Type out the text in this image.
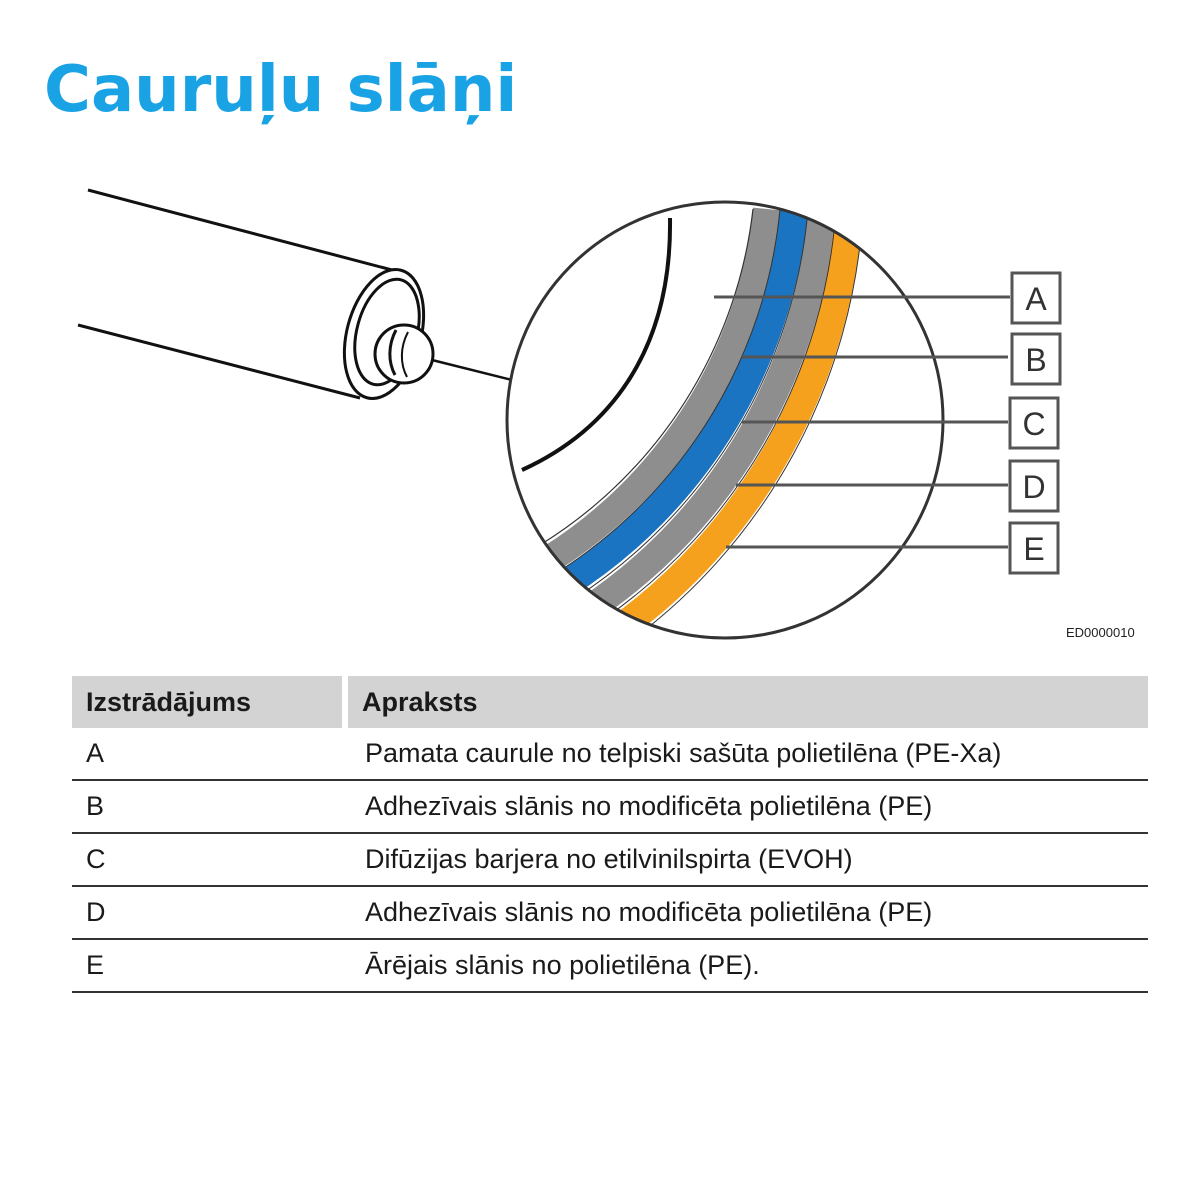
Cauruļu slāņi
A
B
C
D
E
ED0000010
Izstrādājums	Apraksts
A	Pamata caurule no telpiski sašūta polietilēna (PE-Xa)
B	Adhezīvais slānis no modificēta polietilēna (PE)
C	Difūzijas barjera no etilvinilspirta (EVOH)
D	Adhezīvais slānis no modificēta polietilēna (PE)
E	Ārējais slānis no polietilēna (PE).
